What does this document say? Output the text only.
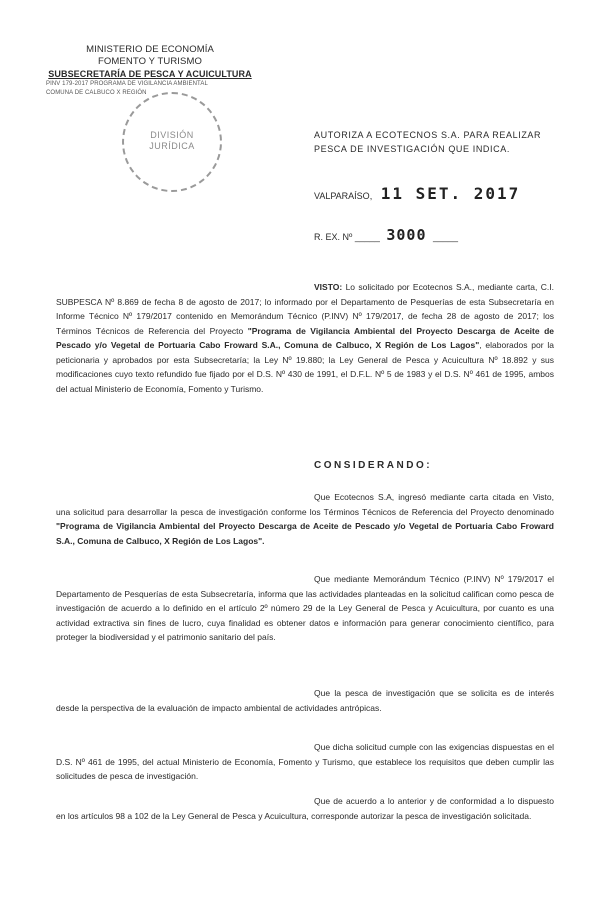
MINISTERIO DE ECONOMÍA
FOMENTO Y TURISMO
SUBSECRETARÍA DE PESCA Y ACUICULTURA
PINV 179-2017 PROGRAMA DE VIGILANCIA AMBIENTAL
COMUNA DE CALBUCO X REGIÓN
DIVISIÓN
JURÍDICA
AUTORIZA A ECOTECNOS S.A. PARA REALIZAR PESCA DE INVESTIGACIÓN QUE INDICA.
VALPARAÍSO, 11 SET. 2017
R. EX. Nº _____ 3000 _____
VISTO: Lo solicitado por Ecotecnos S.A., mediante carta, C.I. SUBPESCA Nº 8.869 de fecha 8 de agosto de 2017; lo informado por el Departamento de Pesquerías de esta Subsecretaría en Informe Técnico Nº 179/2017 contenido en Memorándum Técnico (P.INV) Nº 179/2017, de fecha 28 de agosto de 2017; los Términos Técnicos de Referencia del Proyecto "Programa de Vigilancia Ambiental del Proyecto Descarga de Aceite de Pescado y/o Vegetal de Portuaria Cabo Froward S.A., Comuna de Calbuco, X Región de Los Lagos", elaborados por la peticionaria y aprobados por esta Subsecretaría; la Ley Nº 19.880; la Ley General de Pesca y Acuicultura Nº 18.892 y sus modificaciones cuyo texto refundido fue fijado por el D.S. Nº 430 de 1991, el D.F.L. Nº 5 de 1983 y el D.S. Nº 461 de 1995, ambos del actual Ministerio de Economía, Fomento y Turismo.
CONSIDERANDO:
Que Ecotecnos S.A, ingresó mediante carta citada en Visto, una solicitud para desarrollar la pesca de investigación conforme los Términos Técnicos de Referencia del Proyecto denominado "Programa de Vigilancia Ambiental del Proyecto Descarga de Aceite de Pescado y/o Vegetal de Portuaria Cabo Froward S.A., Comuna de Calbuco, X Región de Los Lagos".
Que mediante Memorándum Técnico (P.INV) Nº 179/2017 el Departamento de Pesquerías de esta Subsecretaría, informa que las actividades planteadas en la solicitud califican como pesca de investigación de acuerdo a lo definido en el artículo 2º número 29 de la Ley General de Pesca y Acuicultura, por cuanto es una actividad extractiva sin fines de lucro, cuya finalidad es obtener datos e información para generar conocimiento científico, para proteger la biodiversidad y el patrimonio sanitario del país.
Que la pesca de investigación que se solicita es de interés desde la perspectiva de la evaluación de impacto ambiental de actividades antrópicas.
Que dicha solicitud cumple con las exigencias dispuestas en el D.S. Nº 461 de 1995, del actual Ministerio de Economía, Fomento y Turismo, que establece los requisitos que deben cumplir las solicitudes de pesca de investigación.
Que de acuerdo a lo anterior y de conformidad a lo dispuesto en los artículos 98 a 102 de la Ley General de Pesca y Acuicultura, corresponde autorizar la pesca de investigación solicitada.
